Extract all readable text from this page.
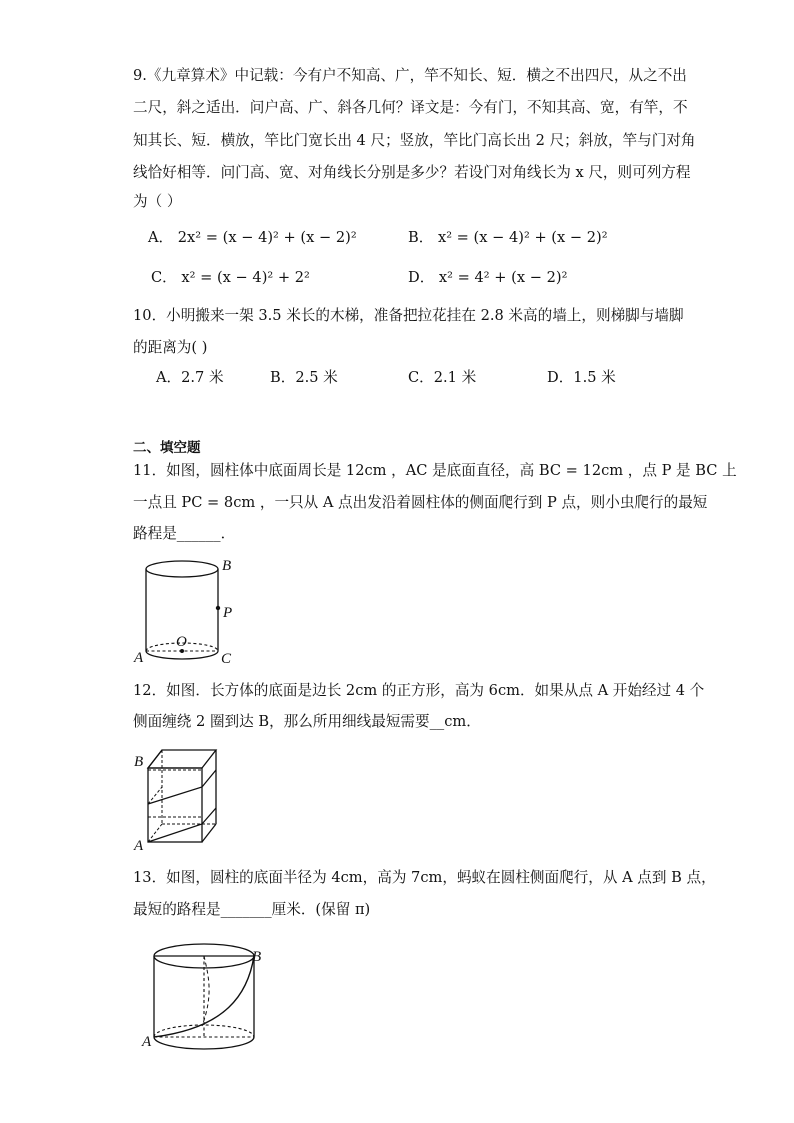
9.《九章算术》中记载：今有户不知高、广，竿不知长、短．横之不出四尺，从之不出
二尺，斜之适出．问户高、广、斜各几何？译文是：今有门，不知其高、宽，有竿，不
知其长、短．横放，竿比门宽长出 4 尺；竖放，竿比门高长出 2 尺；斜放，竿与门对角
线恰好相等．问门高、宽、对角线长分别是多少？若设门对角线长为 x 尺，则可列方程
为（ ）
A． 2x² = (x − 4)² + (x − 2)²	B． x² = (x − 4)² + (x − 2)²
C． x² = (x − 4)² + 2²	D． x² = 4² + (x − 2)²
10．小明搬来一架 3.5 米长的木梯，准备把拉花挂在 2.8 米高的墙上，则梯脚与墙脚
的距离为( )
A．2.7 米	B．2.5 米	C．2.1 米	D．1.5 米
二、填空题
11．如图，圆柱体中底面周长是 12cm ，AC 是底面直径，高 BC = 12cm ，点 P 是 BC 上
一点且 PC = 8cm ，一只从 A 点出发沿着圆柱体的侧面爬行到 P 点，则小虫爬行的最短
路程是______．
B
P
O
A	C
12．如图．长方体的底面是边长 2cm 的正方形，高为 6cm．如果从点 A 开始经过 4 个
侧面缠绕 2 圈到达 B，那么所用细线最短需要__cm．
B
A
13．如图，圆柱的底面半径为 4cm，高为 7cm，蚂蚁在圆柱侧面爬行，从 A 点到 B 点，
最短的路程是_______厘米．(保留 π)
B
A
